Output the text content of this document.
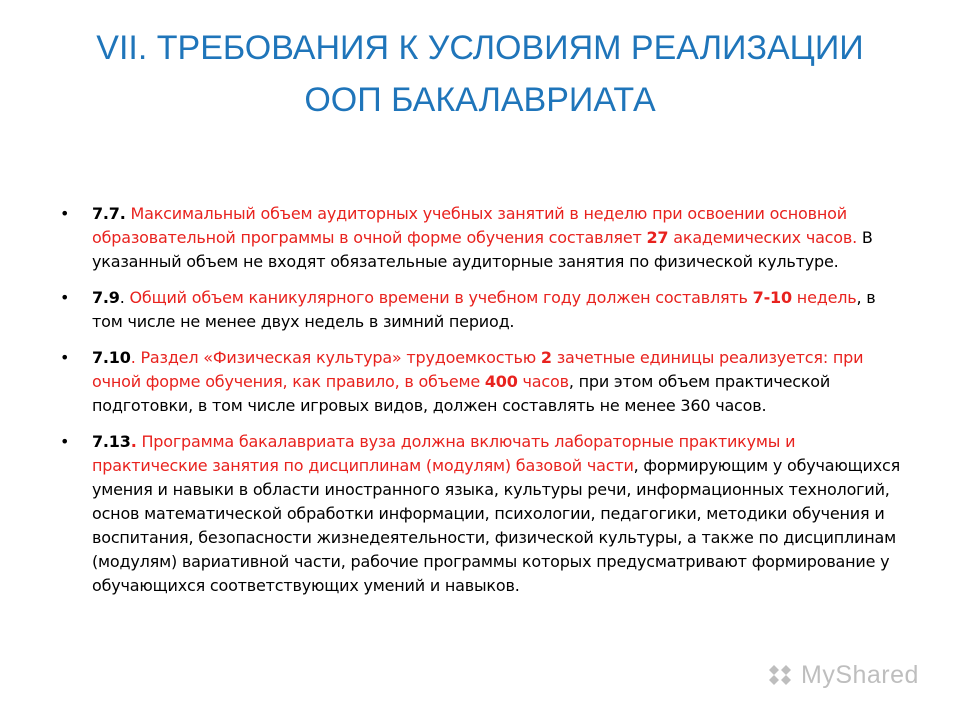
VII. ТРЕБОВАНИЯ К УСЛОВИЯМ РЕАЛИЗАЦИИ
ООП БАКАЛАВРИАТА
• 7.7. Максимальный объем аудиторных учебных занятий в неделю при освоении основной образовательной программы в очной форме обучения составляет 27 академических часов. В указанный объем не входят обязательные аудиторные занятия по физической культуре.
• 7.9. Общий объем каникулярного времени в учебном году должен составлять 7-10 недель, в том числе не менее двух недель в зимний период.
• 7.10. Раздел «Физическая культура» трудоемкостью 2 зачетные единицы реализуется: при очной форме обучения, как правило, в объеме 400 часов, при этом объем практической подготовки, в том числе игровых видов, должен составлять не менее 360 часов.
• 7.13. Программа бакалавриата вуза должна включать лабораторные практикумы и практические занятия по дисциплинам (модулям) базовой части, формирующим у обучающихся умения и навыки в области иностранного языка, культуры речи, информационных технологий, основ математической обработки информации, психологии, педагогики, методики обучения и воспитания, безопасности жизнедеятельности, физической культуры, а также по дисциплинам (модулям) вариативной части, рабочие программы которых предусматривают формирование у обучающихся соответствующих умений и навыков.
MyShared
